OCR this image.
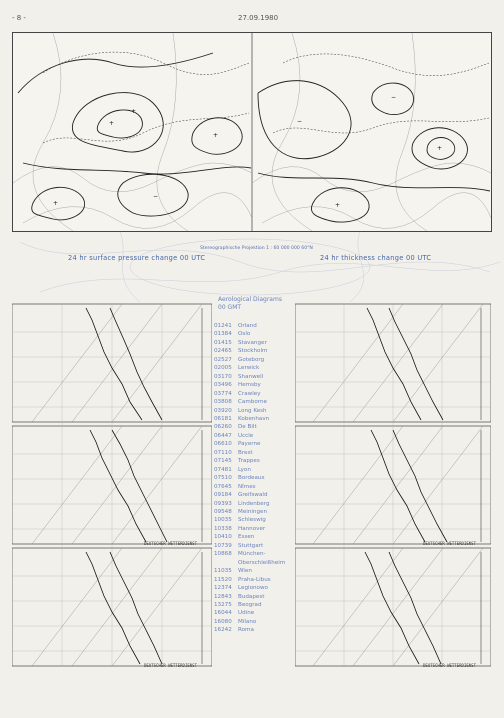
- 8 -	27.09.1980
+
+
+
+
−
+
−
+
−
Stereographische Projektion 1 : 60 000 000 60°N
24 hr surface pressure change 00 UTC	24 hr thickness change 00 UTC
DEUTSCHER WETTERDIENST
DEUTSCHER WETTERDIENST
Aerological Diagrams
00 GMT
01241	Orland
01384	Oslo
01415	Stavanger
02465	Stockholm
02527	Goteborg
02005	Lerwick
03170	Shanwell
03496	Hemsby
03774	Crawley
03808	Camborne
03920	Long Kesh
06181	Kobenhavn
06260	De Bilt
06447	Uccle
06610	Payerne
07110	Brest
07145	Trappes
07481	Lyon
07510	Bordeaux
07645	Nîmes
09184	Greifswald
09393	Lindenberg
09548	Meiningen
10035	Schleswig
10338	Hannover
10410	Essen
10739	Stuttgart
10868	München-
Oberschleißheim
11035	Wien
11520	Praha-Libus
12374	Legionowo
12843	Budapest
13275	Beograd
16044	Udine
16080	Milano
16242	Roma
DEUTSCHER WETTERDIENST
DEUTSCHER WETTERDIENST
